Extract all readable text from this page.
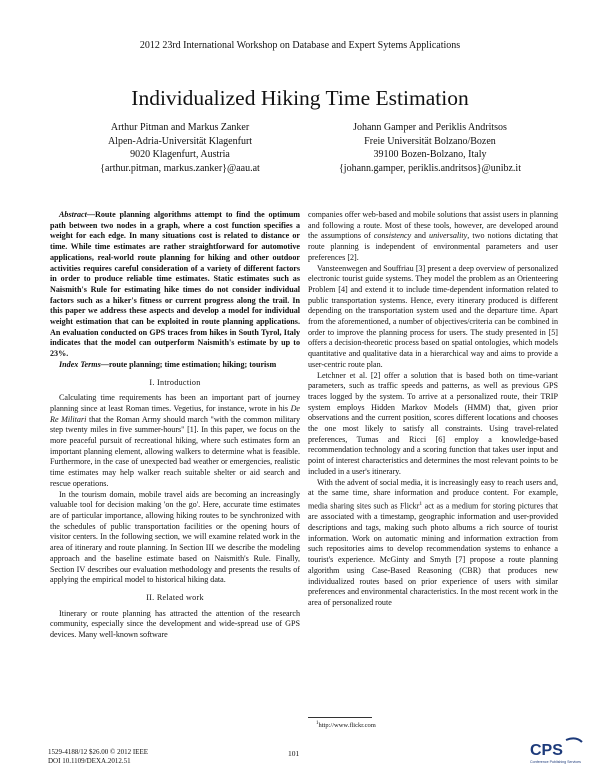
2012 23rd International Workshop on Database and Expert Sytems Applications
Individualized Hiking Time Estimation
Arthur Pitman and Markus Zanker
Alpen-Adria-Universität Klagenfurt
9020 Klagenfurt, Austria
{arthur.pitman, markus.zanker}@aau.at
Johann Gamper and Periklis Andritsos
Freie Universität Bolzano/Bozen
39100 Bozen-Bolzano, Italy
{johann.gamper, periklis.andritsos}@unibz.it

Abstract—Route planning algorithms attempt to find the optimum path between two nodes in a graph, where a cost function specifies a weight for each edge. In many situations cost is related to distance or time. While time estimates are rather straightforward for automotive applications, real-world route planning for hiking and other outdoor activities requires careful consideration of a variety of different factors in order to produce reliable time estimates. Static estimates such as Naismith's Rule for estimating hike times do not consider individual factors such as a hiker's fitness or current progress along the trail. In this paper we address these aspects and develop a model for individual weight estimation that can be exploited in route planning applications. An evaluation conducted on GPS traces from hikes in South Tyrol, Italy indicates that the model can outperform Naismith's estimate by up to 23%.

Index Terms—route planning; time estimation; hiking; tourism

I. Introduction

Calculating time requirements has been an important part of journey planning since at least Roman times. Vegetius, for instance, wrote in his De Re Militari that the Roman Army should march "with the common military step twenty miles in five summer-hours" [1]. In this paper, we focus on the more peaceful pursuit of recreational hiking, where such estimates form an important planning element, allowing walkers to determine what is feasible. Furthermore, in the case of unexpected bad weather or emergencies, realistic time estimates may help walker reach suitable shelter or aid search and rescue operations.

In the tourism domain, mobile travel aids are becoming an increasingly valuable tool for decision making 'on the go'. Here, accurate time estimates are of particular importance, allowing hiking routes to be synchronized with the schedules of public transportation facilities or the opening hours of visitor centers. In the following section, we will examine related work in the area of itinerary and route planning. In Section III we describe the modeling approach and the baseline estimate based on Naismith's Rule. Finally, Section IV describes our evaluation methodology and presents the results of applying the empirical model to historical hiking data.

II. Related work

Itinerary or route planning has attracted the attention of the research community, especially since the development and wide-spread use of GPS devices. Many well-known software

companies offer web-based and mobile solutions that assist users in planning and following a route. Most of these tools, however, are developed around the assumptions of consistency and universality, two notions dictating that route planning is independent of environmental parameters and user preferences [2].

Vansteenwegen and Souffriau [3] present a deep overview of personalized electronic tourist guide systems. They model the problem as an Orienteering Problem [4] and extend it to include time-dependent information related to public transportation systems. Hence, every itinerary produced is different depending on the transportation system used and the departure time. Apart from the aforementioned, a number of objectives/criteria can be combined in order to improve the planning process for users. The study presented in [5] offers a decision-theoretic process based on spatial ontologies, which models quantitative and qualitative data in a hierarchical way and aims to provide a user-centric route plan.

Letchner et al. [2] offer a solution that is based both on time-variant parameters, such as traffic speeds and patterns, as well as previous GPS traces logged by the system. To arrive at a personalized route, their TRIP system employs Hidden Markov Models (HMM) that, given prior observations and the current position, scores different locations and chooses the one most likely to satisfy all constraints. Using travel-related preferences, Tumas and Ricci [6] employ a knowledge-based recommendation technology and a scoring function that takes user input and point of interest characteristics and determines the most relevant points to be included in a user's itinerary.

With the advent of social media, it is increasingly easy to reach users and, at the same time, share information and produce content. For example, media sharing sites such as Flickr$^1$ act as a medium for storing pictures that are associated with a timestamp, geographic information and user-provided descriptions and tags, making such photo albums a rich source of tourist information. Work on automatic mining and information extraction from such repositories aims to develop recommendation systems to enhance a tourist's experience. McGinty and Smyth [7] propose a route planning algorithm using Case-Based Reasoning (CBR) that produces new individualized routes based on prior experience of users with similar preferences and environmental characteristics. In the most recent work in the area of personalized route

$^1$http://www.flickr.com
1529-4188/12 $26.00 © 2012 IEEE
DOI 10.1109/DEXA.2012.51
101	CPS
Conference Publishing Services
